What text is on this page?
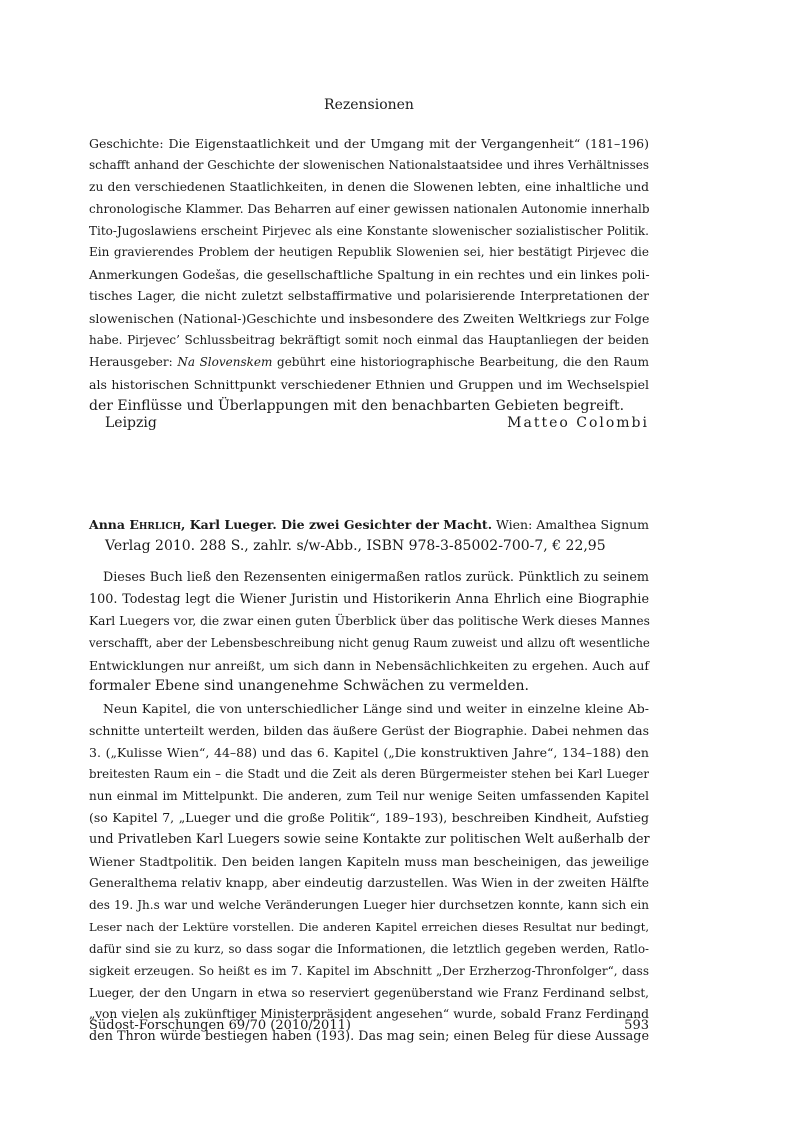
Rezensionen
Geschichte: Die Eigenstaatlichkeit und der Umgang mit der Vergangenheit“ (181–196)
schafft anhand der Geschichte der slowenischen Nationalstaatsidee und ihres Verhältnisses
zu den verschiedenen Staatlichkeiten, in denen die Slowenen lebten, eine inhaltliche und
chronologische Klammer. Das Beharren auf einer gewissen nationalen Autonomie innerhalb
Tito-Jugoslawiens erscheint Pirjevec als eine Konstante slowenischer sozialistischer Politik.
Ein gravierendes Problem der heutigen Republik Slowenien sei, hier bestätigt Pirjevec die
Anmerkungen Godešas, die gesellschaftliche Spaltung in ein rechtes und ein linkes poli-
tisches Lager, die nicht zuletzt selbstaffirmative und polarisierende Interpretationen der
slowenischen (National-)Geschichte und insbesondere des Zweiten Weltkriegs zur Folge
habe. Pirjevec’ Schlussbeitrag bekräftigt somit noch einmal das Hauptanliegen der beiden
Herausgeber: Na Slovenskem gebührt eine historiographische Bearbeitung, die den Raum
als historischen Schnittpunkt verschiedener Ethnien und Gruppen und im Wechselspiel
der Einflüsse und Überlappungen mit den benachbarten Gebieten begreift.
Leipzig	Matteo Colombi
Anna Ehrlich, Karl Lueger. Die zwei Gesichter der Macht. Wien: Amalthea Signum
Verlag 2010. 288 S., zahlr. s/w-Abb., ISBN 978-3-85002-700-7, € 22,95
Dieses Buch ließ den Rezensenten einigermaßen ratlos zurück. Pünktlich zu seinem
100. Todestag legt die Wiener Juristin und Historikerin Anna Ehrlich eine Biographie
Karl Luegers vor, die zwar einen guten Überblick über das politische Werk dieses Mannes
verschafft, aber der Lebensbeschreibung nicht genug Raum zuweist und allzu oft wesentliche
Entwicklungen nur anreißt, um sich dann in Nebensächlichkeiten zu ergehen. Auch auf
formaler Ebene sind unangenehme Schwächen zu vermelden.
Neun Kapitel, die von unterschiedlicher Länge sind und weiter in einzelne kleine Ab-
schnitte unterteilt werden, bilden das äußere Gerüst der Biographie. Dabei nehmen das
3. („Kulisse Wien“, 44–88) und das 6. Kapitel („Die konstruktiven Jahre“, 134–188) den
breitesten Raum ein – die Stadt und die Zeit als deren Bürgermeister stehen bei Karl Lueger
nun einmal im Mittelpunkt. Die anderen, zum Teil nur wenige Seiten umfassenden Kapitel
(so Kapitel 7, „Lueger und die große Politik“, 189–193), beschreiben Kindheit, Aufstieg
und Privatleben Karl Luegers sowie seine Kontakte zur politischen Welt außerhalb der
Wiener Stadtpolitik. Den beiden langen Kapiteln muss man bescheinigen, das jeweilige
Generalthema relativ knapp, aber eindeutig darzustellen. Was Wien in der zweiten Hälfte
des 19. Jh.s war und welche Veränderungen Lueger hier durchsetzen konnte, kann sich ein
Leser nach der Lektüre vorstellen. Die anderen Kapitel erreichen dieses Resultat nur bedingt,
dafür sind sie zu kurz, so dass sogar die Informationen, die letztlich gegeben werden, Ratlo-
sigkeit erzeugen. So heißt es im 7. Kapitel im Abschnitt „Der Erzherzog-Thronfolger“, dass
Lueger, der den Ungarn in etwa so reserviert gegenüberstand wie Franz Ferdinand selbst,
„von vielen als zukünftiger Ministerpräsident angesehen“ wurde, sobald Franz Ferdinand
den Thron würde bestiegen haben (193). Das mag sein; einen Beleg für diese Aussage
Südost-Forschungen 69/70 (2010/2011)	593
